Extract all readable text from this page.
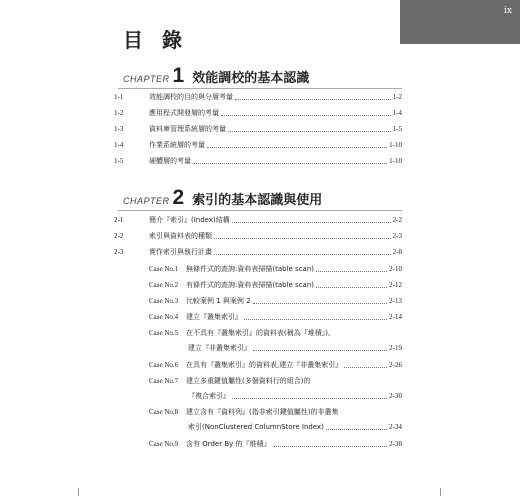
ix
目 錄
CHAPTER 1 效能調校的基本認識
1-1	效能調校的目的與分層考量	1-2
1-2	應用程式開發層的考量	1-4
1-3	資料庫管理系統層的考量	1-5
1-4	作業系統層的考量	1-10
1-5	硬體層的考量	1-10
CHAPTER 2 索引的基本認識與使用
2-1	簡介『索引』(Index)結構	2-2
2-2	索引與資料表的種類	2-3
2-3	實作索引與執行計畫	2-8
Case No.1	無條件式的查詢:資料表掃描(table scan)	2-10
Case No.2	有條件式的查詢:資料表掃描(table scan)	2-12
Case No.3	比較案例 1 與案例 2	2-13
Case No.4	建立『叢集索引』	2-14
Case No.5	在不具有『叢集索引』的資料表(稱為『堆積』),
建立『非叢集索引』	2-19
Case No.6	在具有『叢集索引』的資料表,建立『非叢集索引』	2-26
Case No.7	建立多重鍵值屬性(多個資料行的組合)的
『複合索引』	2-30
Case No.8	建立含有『資料列』(指非索引鍵值屬性)的非叢集
索引(NonClustered ColumnStore Index)	2-34
Case No.9	含有 Order By 的『堆積』	2-38
